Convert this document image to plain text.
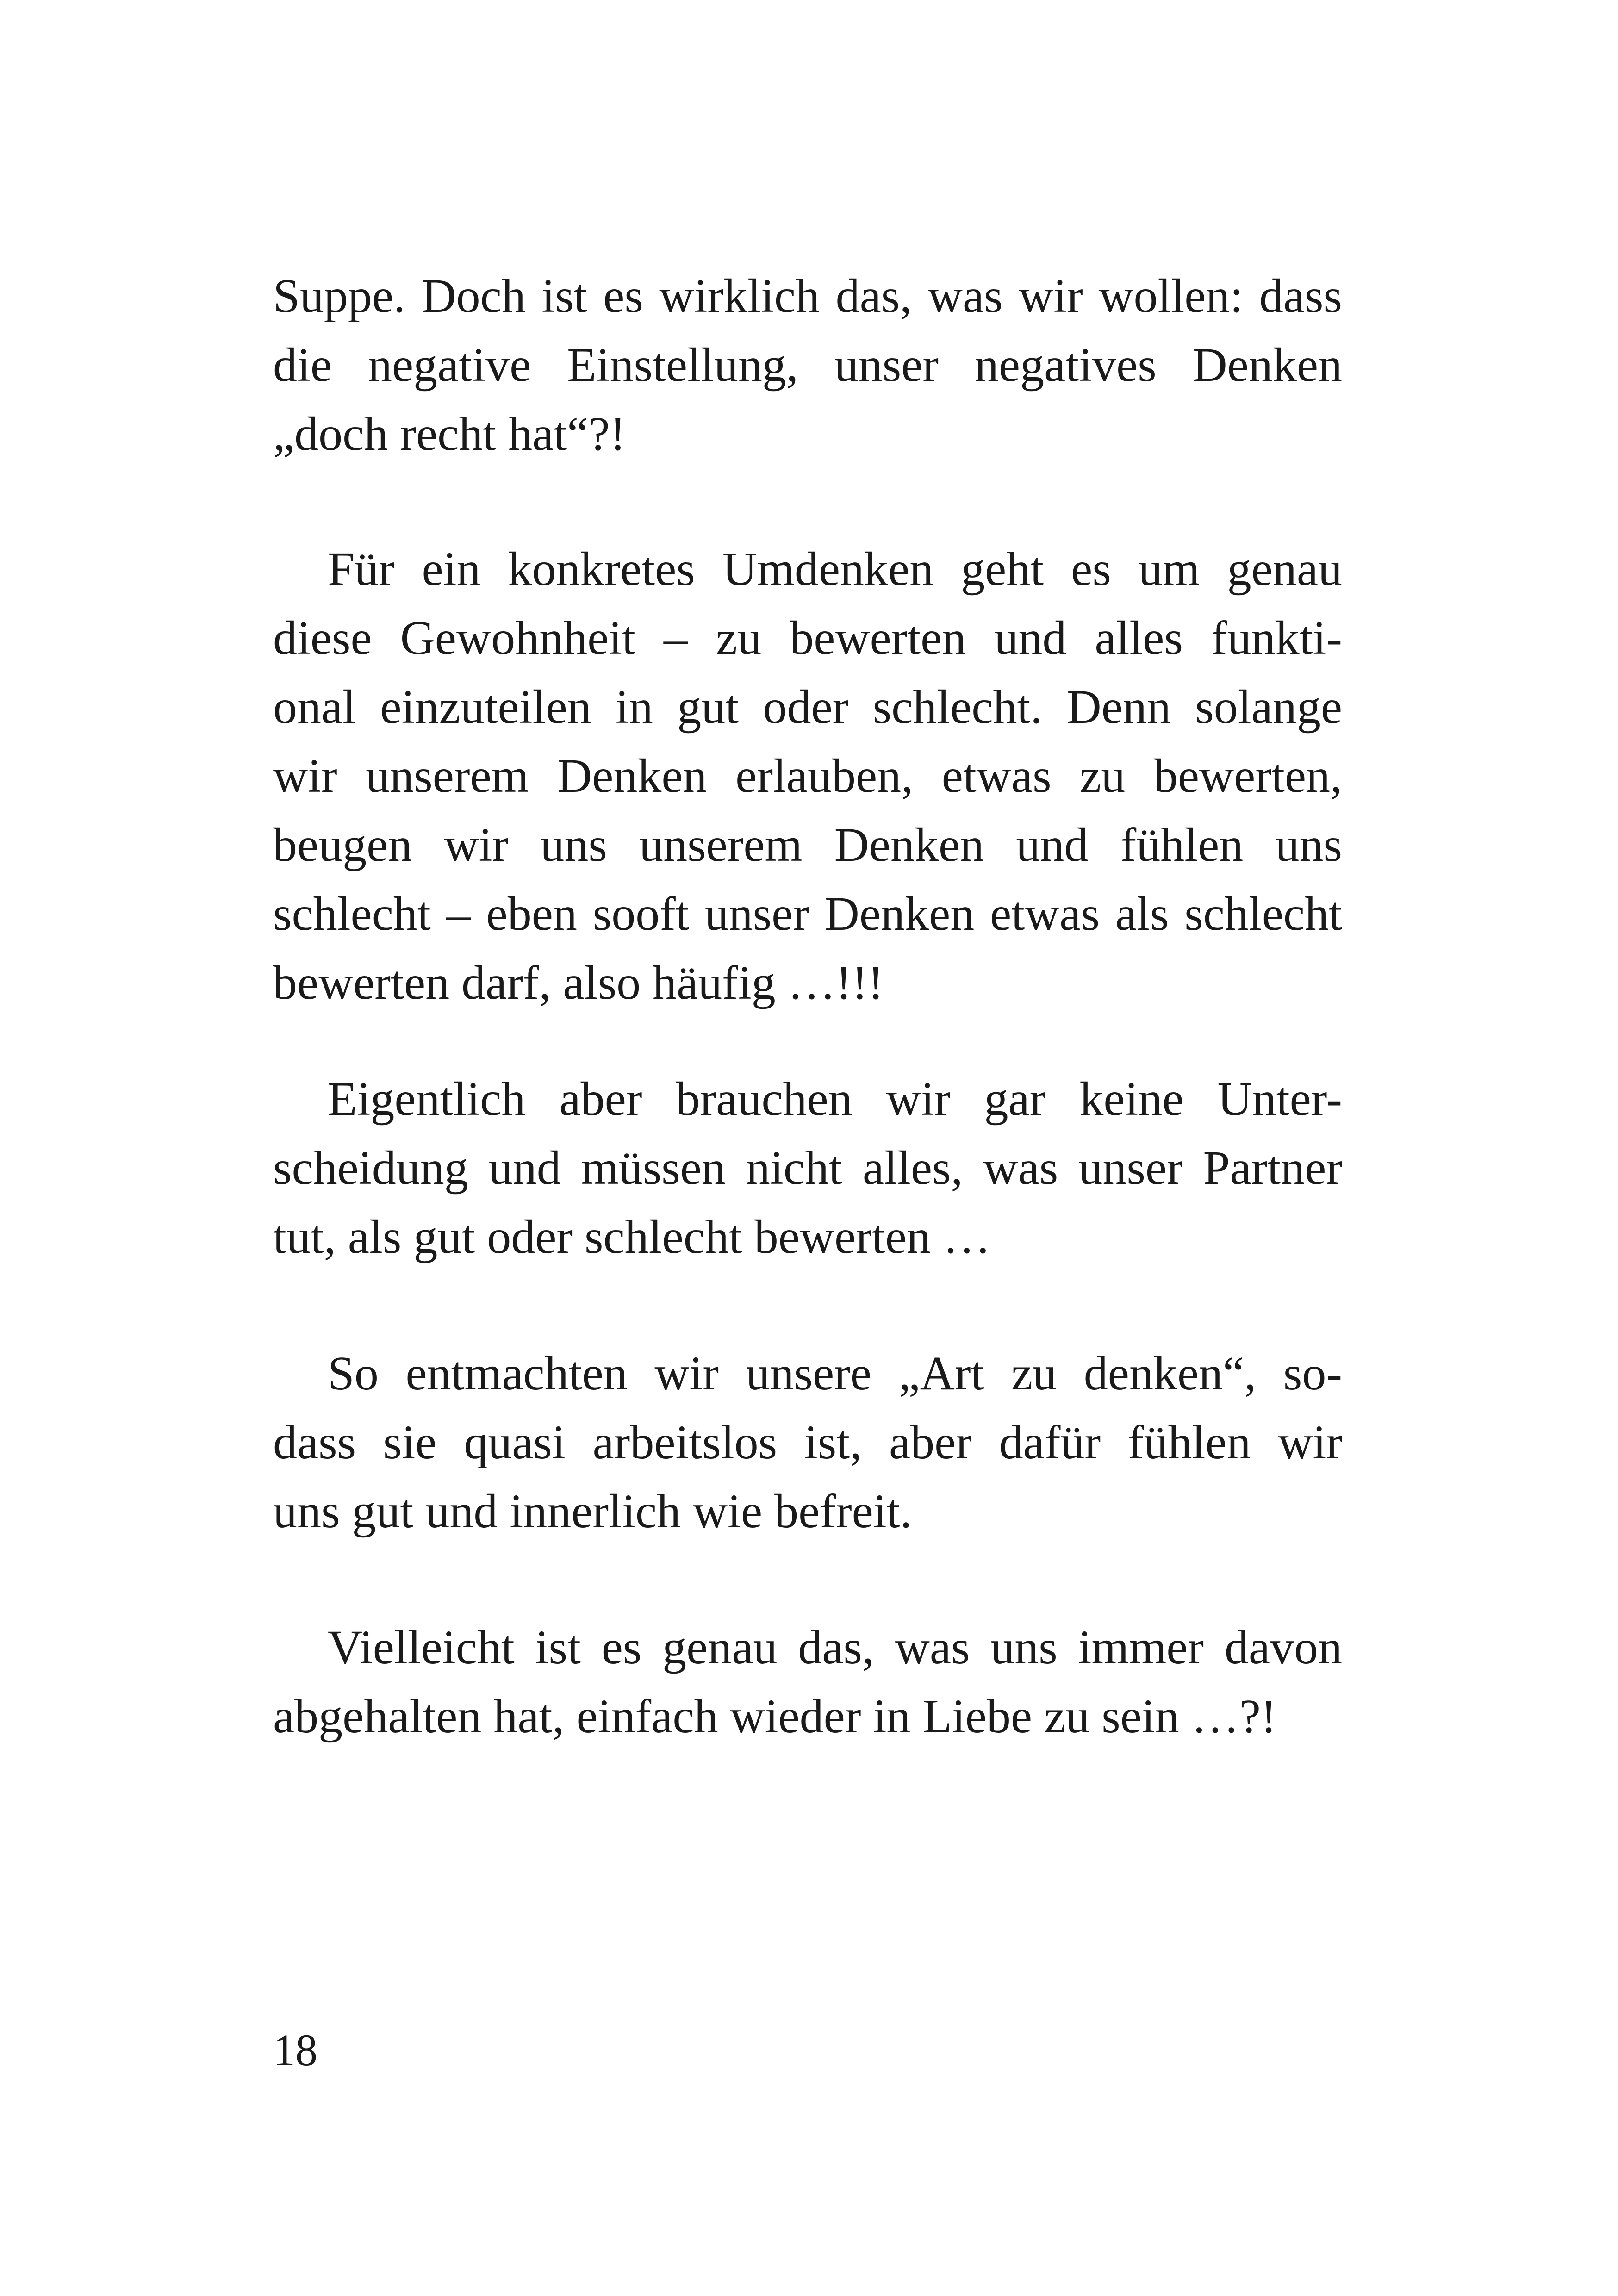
Suppe. Doch ist es wirklich das, was wir wollen: dass
die negative Einstellung, unser negatives Denken
„doch recht hat“?!
Für ein konkretes Umdenken geht es um genau
diese Gewohnheit – zu bewerten und alles funkti-
onal einzuteilen in gut oder schlecht. Denn solange
wir unserem Denken erlauben, etwas zu bewerten,
beugen wir uns unserem Denken und fühlen uns
schlecht – eben sooft unser Denken etwas als schlecht
bewerten darf, also häufig …!!!
Eigentlich aber brauchen wir gar keine Unter-
scheidung und müssen nicht alles, was unser Partner
tut, als gut oder schlecht bewerten …
So entmachten wir unsere „Art zu denken“, so-
dass sie quasi arbeitslos ist, aber dafür fühlen wir
uns gut und innerlich wie befreit.
Vielleicht ist es genau das, was uns immer davon
abgehalten hat, einfach wieder in Liebe zu sein …?!
18
